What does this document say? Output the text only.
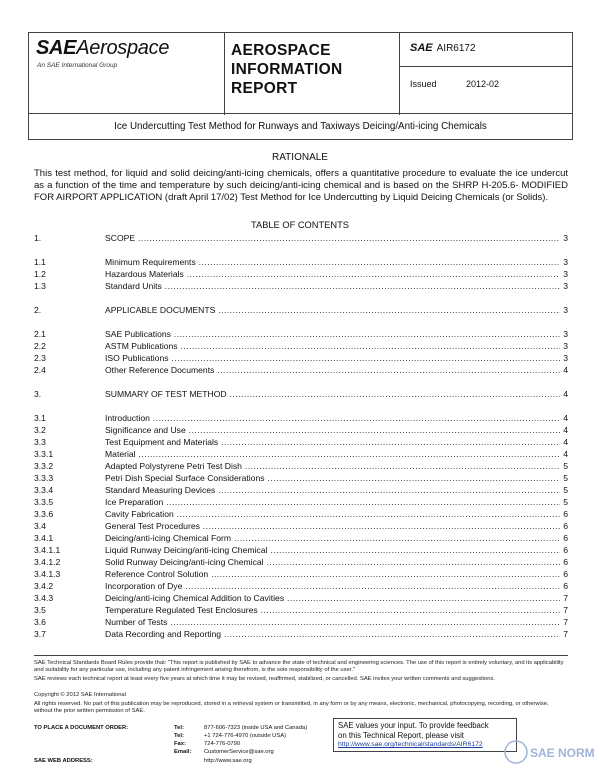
SAEAerospace
An SAE International Group
AEROSPACE
INFORMATION
REPORT
SAE AIR6172
Issued	2012-02
Ice Undercutting Test Method for Runways and Taxiways Deicing/Anti-icing Chemicals
RATIONALE
This test method, for liquid and solid deicing/anti-icing chemicals, offers a quantitative procedure to evaluate the ice undercut as a function of the time and temperature by such deicing/anti-icing chemical and is based on the SHRP H-205.6- MODIFIED FOR AIRPORT APPLICATION (draft April 17/02) Test Method for Ice Undercutting by Liquid Deicing Chemicals (or Solids).
TABLE OF CONTENTS
1.	SCOPE .....	3
1.1	Minimum Requirements .....	3
1.2	Hazardous Materials .....	3
1.3	Standard Units .....	3
2.	APPLICABLE DOCUMENTS .....	3
2.1	SAE Publications .....	3
2.2	ASTM Publications .....	3
2.3	ISO Publications .....	3
2.4	Other Reference Documents .....	4
3.	SUMMARY OF TEST METHOD .....	4
3.1	Introduction .....	4
3.2	Significance and Use .....	4
3.3	Test Equipment and Materials .....	4
3.3.1	Material .....	4
3.3.2	Adapted Polystyrene Petri Test Dish .....	5
3.3.3	Petri Dish Special Surface Considerations .....	5
3.3.4	Standard Measuring Devices .....	5
3.3.5	Ice Preparation .....	5
3.3.6	Cavity Fabrication .....	6
3.4	General Test Procedures .....	6
3.4.1	Deicing/anti-icing Chemical Form .....	6
3.4.1.1	Liquid Runway Deicing/anti-icing Chemical .....	6
3.4.1.2	Solid Runway Deicing/anti-icing Chemical .....	6
3.4.1.3	Reference Control Solution .....	6
3.4.2	Incorporation of Dye .....	6
3.4.3	Deicing/anti-icing Chemical Addition to Cavities .....	7
3.5	Temperature Regulated Test Enclosures .....	7
3.6	Number of Tests .....	7
3.7	Data Recording and Reporting .....	7
SAE Technical Standards Board Rules provide that: "This report is published by SAE to advance the state of technical and engineering sciences. The use of this report is entirely voluntary, and its applicability and suitability for any particular use, including any patent infringement arising therefrom, is the sole responsibility of the user."
SAE reviews each technical report at least every five years at which time it may be revised, reaffirmed, stabilized, or cancelled. SAE invites your written comments and suggestions.
Copyright © 2012 SAE International
All rights reserved. No part of this publication may be reproduced, stored in a retrieval system or transmitted, in any form or by any means, electronic, mechanical, photocopying, recording, or otherwise, without the prior written permission of SAE.
TO PLACE A DOCUMENT ORDER:	Tel:	877-606-7323 (inside USA and Canada)
Tel:	+1 724-776-4970 (outside USA)
Fax:	724-776-0790
Email: CustomerService@sae.org
SAE WEB ADDRESS:	http://www.sae.org
SAE values your input. To provide feedback
on this Technical Report, please visit
http://www.sae.org/technical/standards/AIR6172
SAE NORM
